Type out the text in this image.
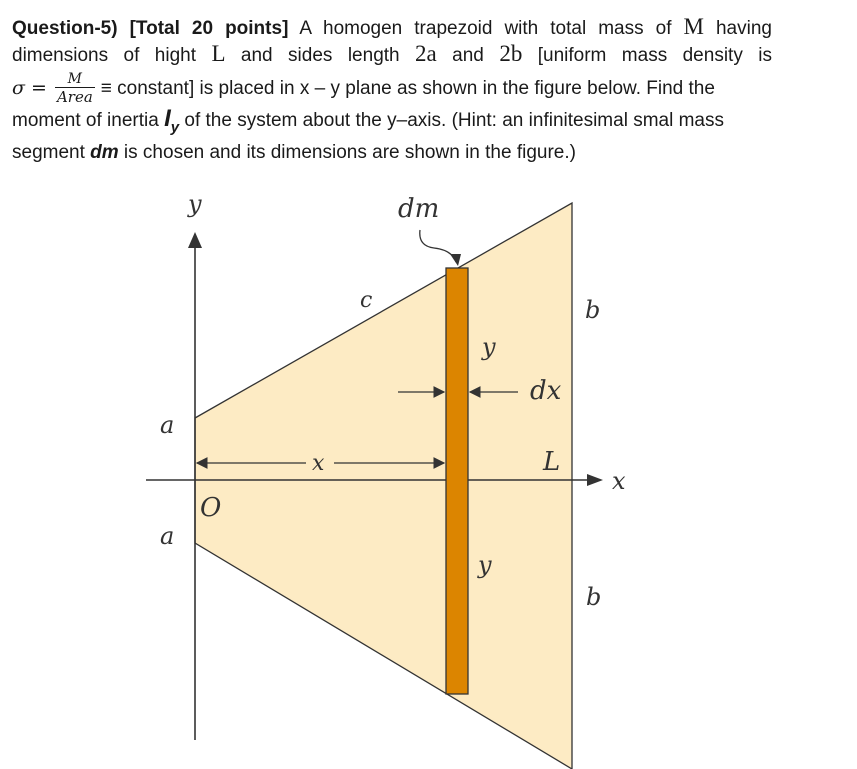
Question-5) [Total 20 points] A homogen trapezoid with total mass of M having
dimensions of hight L and sides length 2a and 2b [uniform mass density is
$\sigma = \frac{M}{\text{Area}}$ ≡ constant] is placed in x – y plane as shown in the figure below. Find the
moment of inertia $I_y$ of the system about the y–axis. (Hint: an infinitesimal smal mass
segment dm is chosen and its dimensions are shown in the figure.)
y
x
dm
c	b
y
dx
a
x	L
O
a
y
b
